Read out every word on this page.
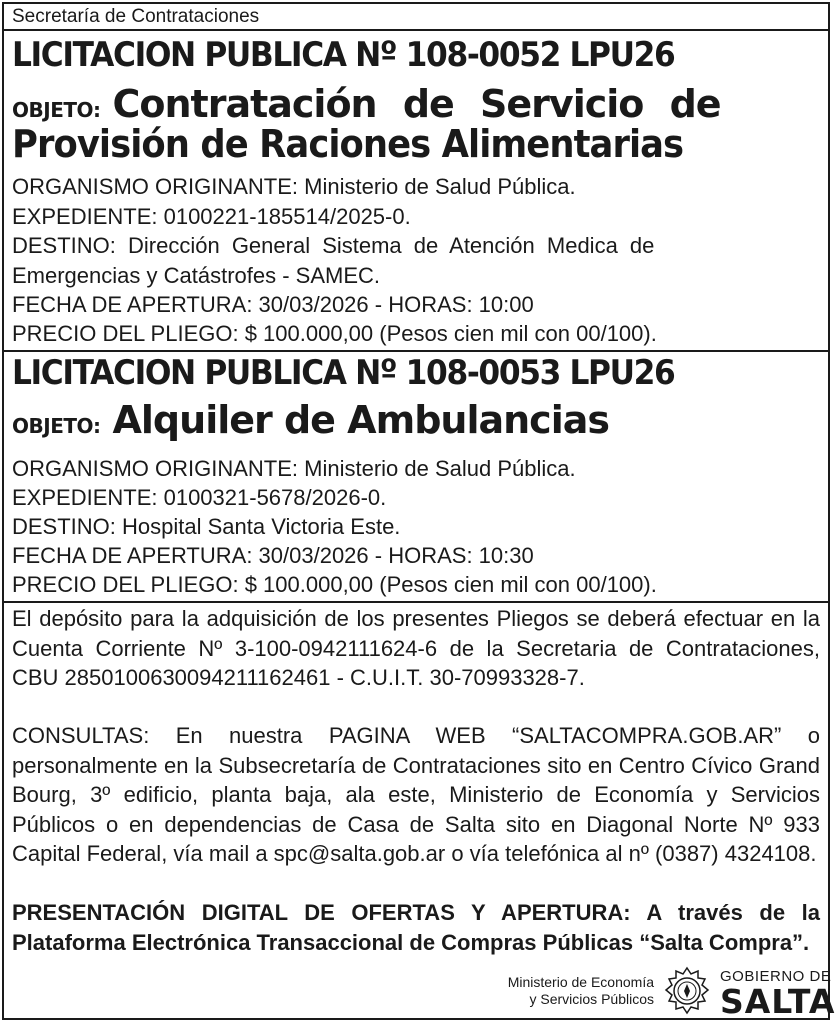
Secretaría de Contrataciones
LICITACION PUBLICA Nº 108-0052 LPU26
OBJETO: Contratación de Servicio de
Provisión de Raciones Alimentarias
ORGANISMO ORIGINANTE: Ministerio de Salud Pública.
EXPEDIENTE: 0100221-185514/2025-0.
DESTINO: Dirección General Sistema de Atención Medica de
Emergencias y Catástrofes - SAMEC.
FECHA DE APERTURA: 30/03/2026 - HORAS: 10:00
PRECIO DEL PLIEGO: $ 100.000,00 (Pesos cien mil con 00/100).
LICITACION PUBLICA Nº 108-0053 LPU26
OBJETO: Alquiler de Ambulancias
ORGANISMO ORIGINANTE: Ministerio de Salud Pública.
EXPEDIENTE: 0100321-5678/2026-0.
DESTINO: Hospital Santa Victoria Este.
FECHA DE APERTURA: 30/03/2026 - HORAS: 10:30
PRECIO DEL PLIEGO: $ 100.000,00 (Pesos cien mil con 00/100).
El depósito para la adquisición de los presentes Pliegos se deberá efectuar en la Cuenta Corriente Nº 3-100-0942111624-6 de la Secretaria de Contrataciones, CBU 2850100630094211162461 - C.U.I.T. 30-70993328-7.
CONSULTAS: En nuestra PAGINA WEB “SALTACOMPRA.GOB.AR” o personalmente en la Subsecretaría de Contrataciones sito en Centro Cívico Grand Bourg, 3º edificio, planta baja, ala este, Ministerio de Economía y Servicios Públicos o en dependencias de Casa de Salta sito en Diagonal Norte Nº 933 Capital Federal, vía mail a spc@salta.gob.ar o vía telefónica al nº (0387) 4324108.
PRESENTACIÓN DIGITAL DE OFERTAS Y APERTURA: A través de la Plataforma Electrónica Transaccional de Compras Públicas “Salta Compra”.
Ministerio de Economía
y Servicios Públicos
GOBIERNO DE
SALTA
